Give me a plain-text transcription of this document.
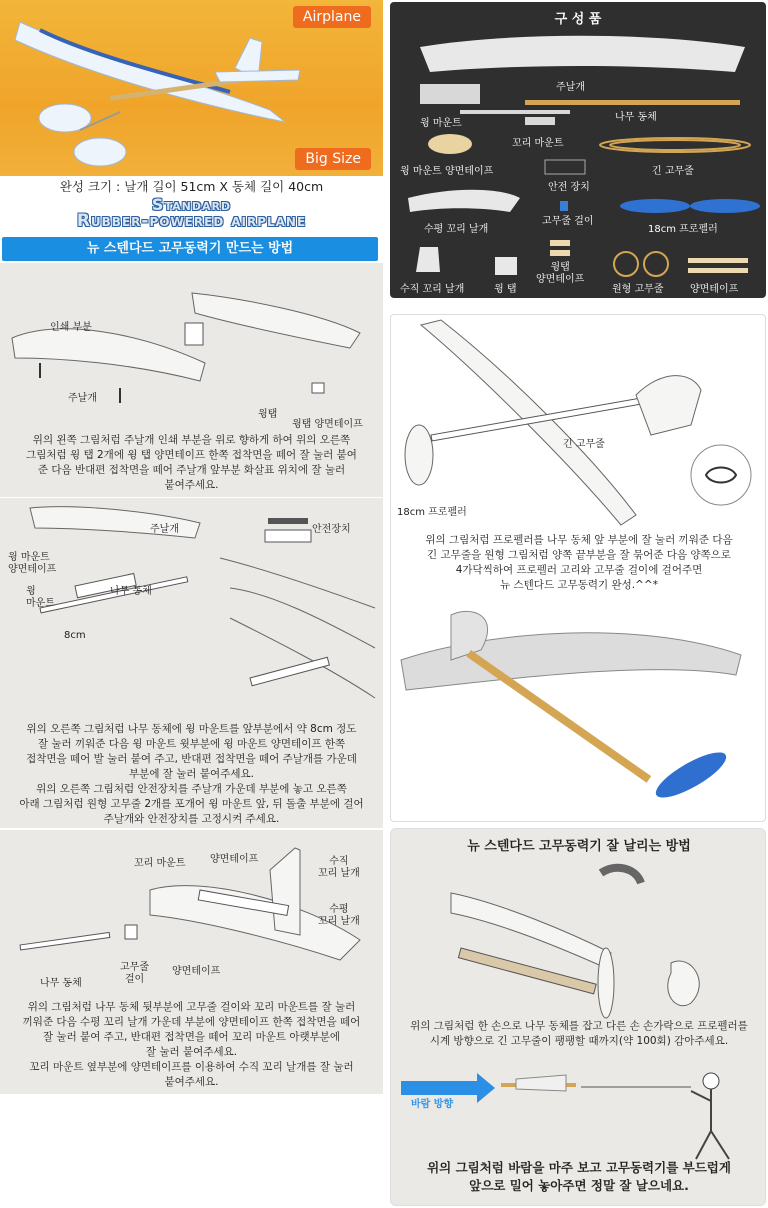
Airplane
Big Size
완성 크기 : 날개 길이 51cm X 동체 길이 40cm
Standard
Rubber-powered airplane
뉴 스텐다드 고무동력기 만드는 방법
인쇄 부분
주날개
윙탭
윙탭 양면테이프
위의 왼쪽 그림처럼 주날개 인쇄 부분을 위로 향하게 하여 위의 오른쪽
그림처럼 윙 탭 2개에 윙 탭 양면테이프 한쪽 접착면을 떼어 잘 눌러 붙여
준 다음 반대편 접착면을 떼어 주날개 앞부분 화살표 위치에 잘 눌러
붙여주세요.
주날개
윙 마운트
양면테이프
윙
마운트
나무 동체
8cm
안전장치
위의 오른쪽 그림처럼 나무 동체에 윙 마운트를 앞부분에서 약 8cm 정도
잘 눌러 끼워준 다음 윙 마운트 윗부분에 윙 마운트 양면테이프 한쪽
접착면을 떼어 발 눌러 붙여 주고, 반대편 접착면을 떼어 주날개를 가운데
부분에 잘 눌러 붙여주세요.
위의 오른쪽 그림처럼 안전장치를 주날개 가운데 부분에 놓고 오른쪽
아래 그림처럼 원형 고무줄 2개를 포개어 윙 마운트 앞, 뒤 돌출 부분에 걸어
주날개와 안전장치를 고정시켜 주세요.
꼬리 마운트 양면테이프	수직
꼬리 날개
수평
꼬리 날개
나무 동체
고무줄
걸이
양면테이프
위의 그림처럼 나무 동체 뒷부분에 고무줄 걸이와 꼬리 마운트를 잘 눌러
끼워준 다음 수평 꼬리 날개 가운데 부분에 양면테이프 한쪽 접착면을 떼어
잘 눌러 붙여 주고, 반대편 접착면을 떼어 꼬리 마운트 아랫부분에
잘 눌러 붙여주세요.
꼬리 마운트 옆부분에 양면테이프를 이용하여 수직 꼬리 날개를 잘 눌러
붙여주세요.
구 성 품
주날개
나무 동체
윙 마운트
꼬리 마운트
윙 마운트 양면테이프
안전 장치
긴 고무줄
수평 꼬리 날개
고무줄 걸이
18cm 프로펠러
수직 꼬리 날개	윙 탭
윙탭
양면테이프
원형 고무줄	양면테이프
긴 고무줄
18cm 프로펠러
위의 그림처럼 프로펠러를 나무 동체 앞 부분에 잘 눌러 끼워준 다음
긴 고무줄을 원형 그림처럼 양쪽 끝부분을 잘 묶어준 다음 양쪽으로
4가닥씩하여 프로펠러 고리와 고무줄 걸이에 걸어주면
뉴 스텐다드 고무동력기 완성.^^*
뉴 스텐다드 고무동력기 잘 날리는 방법
위의 그림처럼 한 손으로 나무 동체를 잡고 다른 손 손가락으로 프로펠러를
시계 방향으로 긴 고무줄이 팽팽할 때까지(약 100회) 감아주세요.
바람 방향
위의 그림처럼 바람을 마주 보고 고무동력기를 부드럽게
앞으로 밀어 놓아주면 정말 잘 날으네요.
